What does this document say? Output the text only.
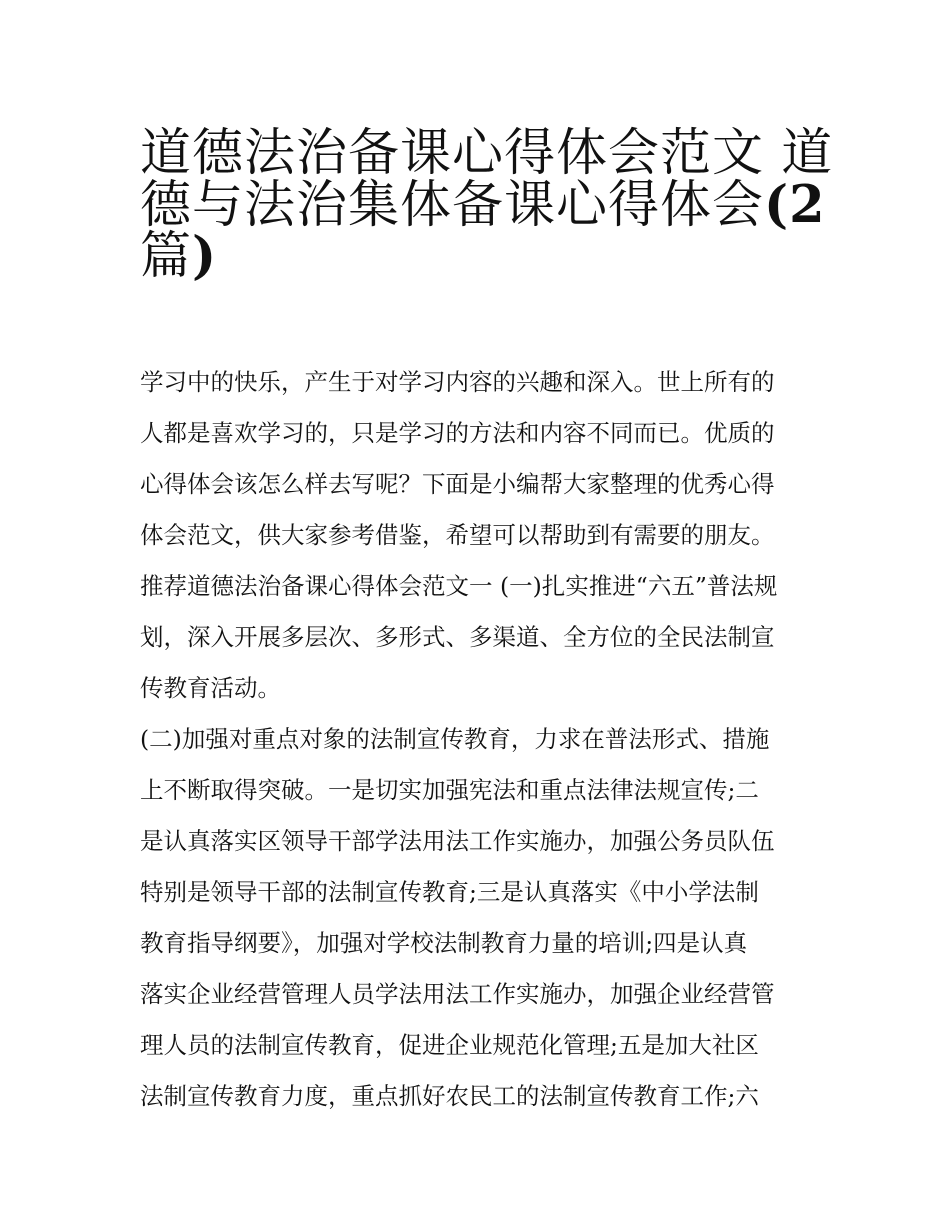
道德法治备课心得体会范文 道
德与法治集体备课心得体会(2
篇)
学习中的快乐，产生于对学习内容的兴趣和深入。世上所有的
人都是喜欢学习的，只是学习的方法和内容不同而已。优质的
心得体会该怎么样去写呢？下面是小编帮大家整理的优秀心得
体会范文，供大家参考借鉴，希望可以帮助到有需要的朋友。
推荐道德法治备课心得体会范文一 (一)扎实推进“六五”普法规
划，深入开展多层次、多形式、多渠道、全方位的全民法制宣
传教育活动。
(二)加强对重点对象的法制宣传教育，力求在普法形式、措施
上不断取得突破。一是切实加强宪法和重点法律法规宣传;二
是认真落实区领导干部学法用法工作实施办，加强公务员队伍
特别是领导干部的法制宣传教育;三是认真落实《中小学法制
教育指导纲要》，加强对学校法制教育力量的培训;四是认真
落实企业经营管理人员学法用法工作实施办，加强企业经营管
理人员的法制宣传教育，促进企业规范化管理;五是加大社区
法制宣传教育力度，重点抓好农民工的法制宣传教育工作;六
